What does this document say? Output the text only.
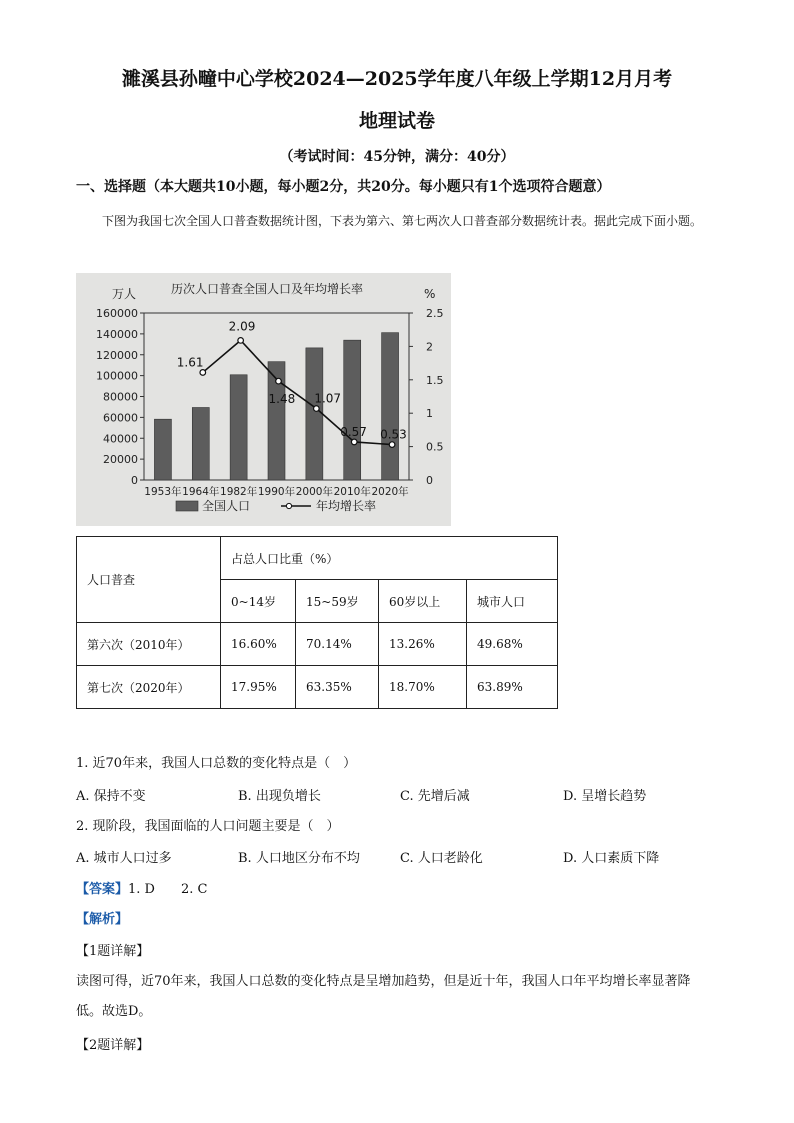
濉溪县孙疃中心学校2024—2025学年度八年级上学期12月月考
地理试卷
（考试时间：45分钟，满分：40分）
一、选择题（本大题共10小题，每小题2分，共20分。每小题只有1个选项符合题意）
下图为我国七次全国人口普查数据统计图，下表为第六、第七两次人口普查部分数据统计表。据此完成下面小题。
历次人口普查全国人口及年均增长率
万人	%
0
20000
40000
60000
80000
100000
120000
140000
160000
0
0.5
1
1.5
2
2.5
1953年 1964年 1982年 1990年 2000年 2010年 2020年
1.61
2.09
1.48 1.07
0.57 0.53
全国人口	年均增长率
人口普查	占总人口比重（%）			
	0~14岁	15~59岁	60岁以上	城市人口
第六次（2010年）	16.60%	70.14%	13.26%	49.68%
第七次（2020年）	17.95%	63.35%	18.70%	63.89%
1. 近70年来，我国人口总数的变化特点是（　）
A. 保持不变	B. 出现负增长	C. 先增后减	D. 呈增长趋势
2. 现阶段，我国面临的人口问题主要是（　）
A. 城市人口过多	B. 人口地区分布不均	C. 人口老龄化	D. 人口素质下降
【答案】1. D　　2. C
【解析】
【1题详解】
读图可得，近70年来，我国人口总数的变化特点是呈增加趋势，但是近十年，我国人口年平均增长率显著降低。故选D。
【2题详解】
